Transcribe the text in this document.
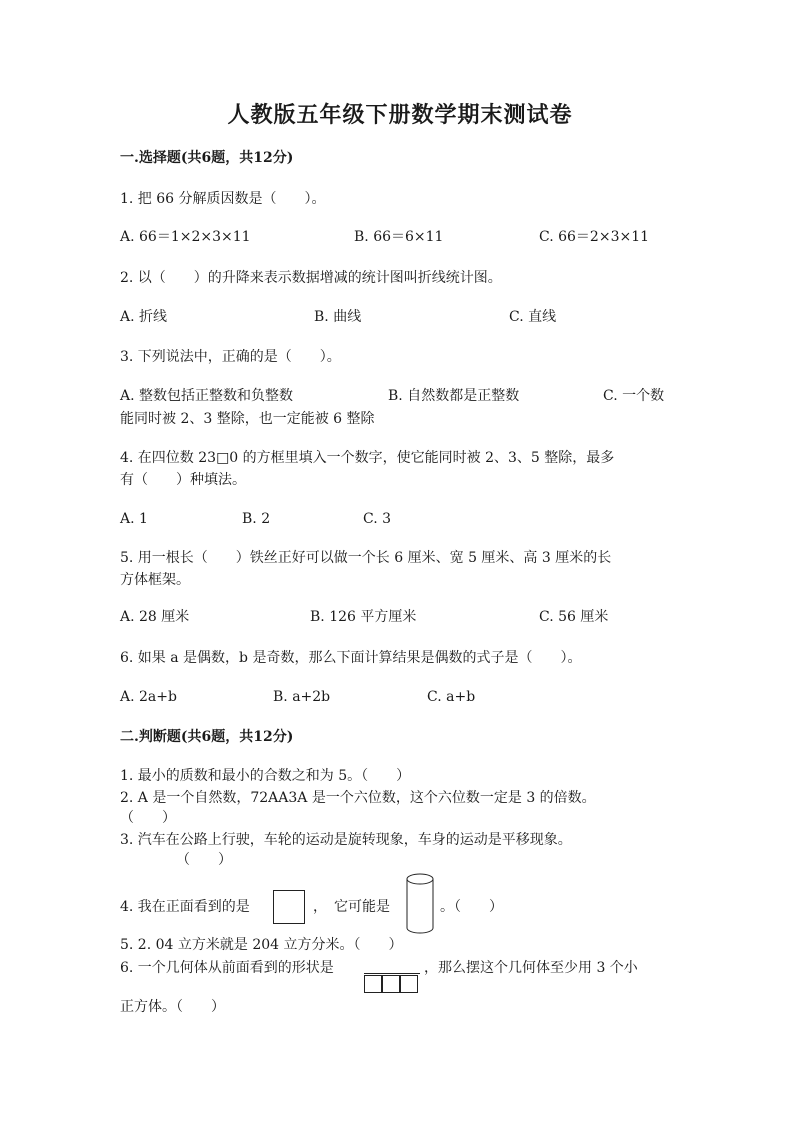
人教版五年级下册数学期末测试卷
一.选择题(共6题，共12分)
1. 把 66 分解质因数是（　　）。
A. 66＝1×2×3×11	B. 66＝6×11	C. 66＝2×3×11
2. 以（　　）的升降来表示数据增减的统计图叫折线统计图。
A. 折线	B. 曲线	C. 直线
3. 下列说法中，正确的是（　　）。
A. 整数包括正整数和负整数	B. 自然数都是正整数	C. 一个数
能同时被 2、3 整除，也一定能被 6 整除
4. 在四位数 23□0 的方框里填入一个数字，使它能同时被 2、3、5 整除，最多
有（　　）种填法。
A. 1	B. 2	C. 3
5. 用一根长（　　）铁丝正好可以做一个长 6 厘米、宽 5 厘米、高 3 厘米的长
方体框架。
A. 28 厘米	B. 126 平方厘米	C. 56 厘米
6. 如果 a 是偶数，b 是奇数，那么下面计算结果是偶数的式子是（　　）。
A. 2a+b	B. a+2b	C. a+b
二.判断题(共6题，共12分)
1. 最小的质数和最小的合数之和为 5。（　　）
2. A 是一个自然数，72AA3A 是一个六位数，这个六位数一定是 3 的倍数。
（　　）
3. 汽车在公路上行驶，车轮的运动是旋转现象，车身的运动是平移现象。
（　　）
4. 我在正面看到的是	，　它可能是	。（　　）
5. 2. 04 立方米就是 204 立方分米。（　　）
6. 一个几何体从前面看到的形状是	，那么摆这个几何体至少用 3 个小
正方体。（　　）
